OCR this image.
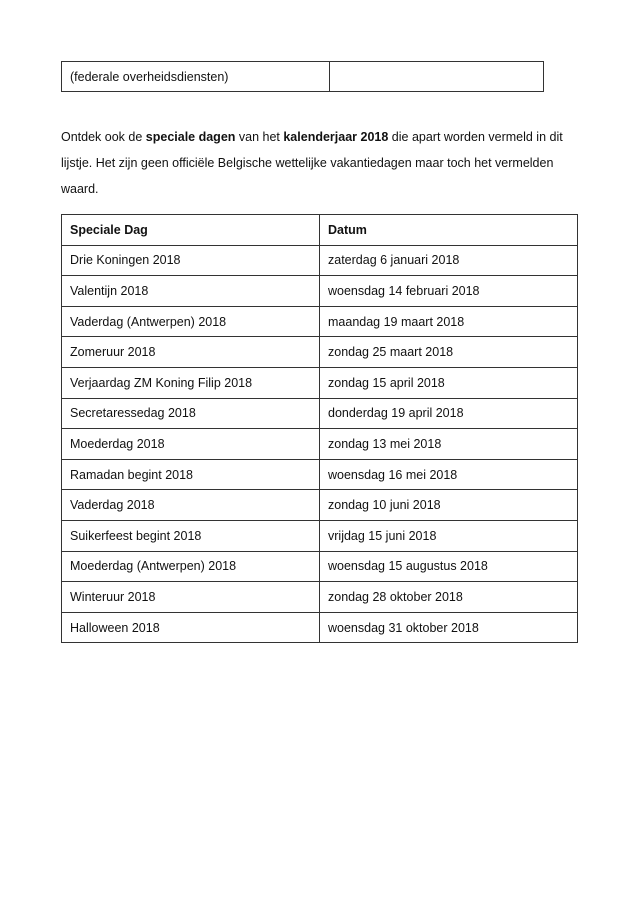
(federale overheidsdiensten)	

Ontdek ook de speciale dagen van het kalenderjaar 2018 die apart worden vermeld in dit lijstje. Het zijn geen officiële Belgische wettelijke vakantiedagen maar toch het vermelden waard.

Speciale Dag	Datum
Drie Koningen 2018	zaterdag 6 januari 2018
Valentijn 2018	woensdag 14 februari 2018
Vaderdag (Antwerpen) 2018	maandag 19 maart 2018
Zomeruur 2018	zondag 25 maart 2018
Verjaardag ZM Koning Filip 2018	zondag 15 april 2018
Secretaressedag 2018	donderdag 19 april 2018
Moederdag 2018	zondag 13 mei 2018
Ramadan begint 2018	woensdag 16 mei 2018
Vaderdag 2018	zondag 10 juni 2018
Suikerfeest begint 2018	vrijdag 15 juni 2018
Moederdag (Antwerpen) 2018	woensdag 15 augustus 2018
Winteruur 2018	zondag 28 oktober 2018
Halloween 2018	woensdag 31 oktober 2018
